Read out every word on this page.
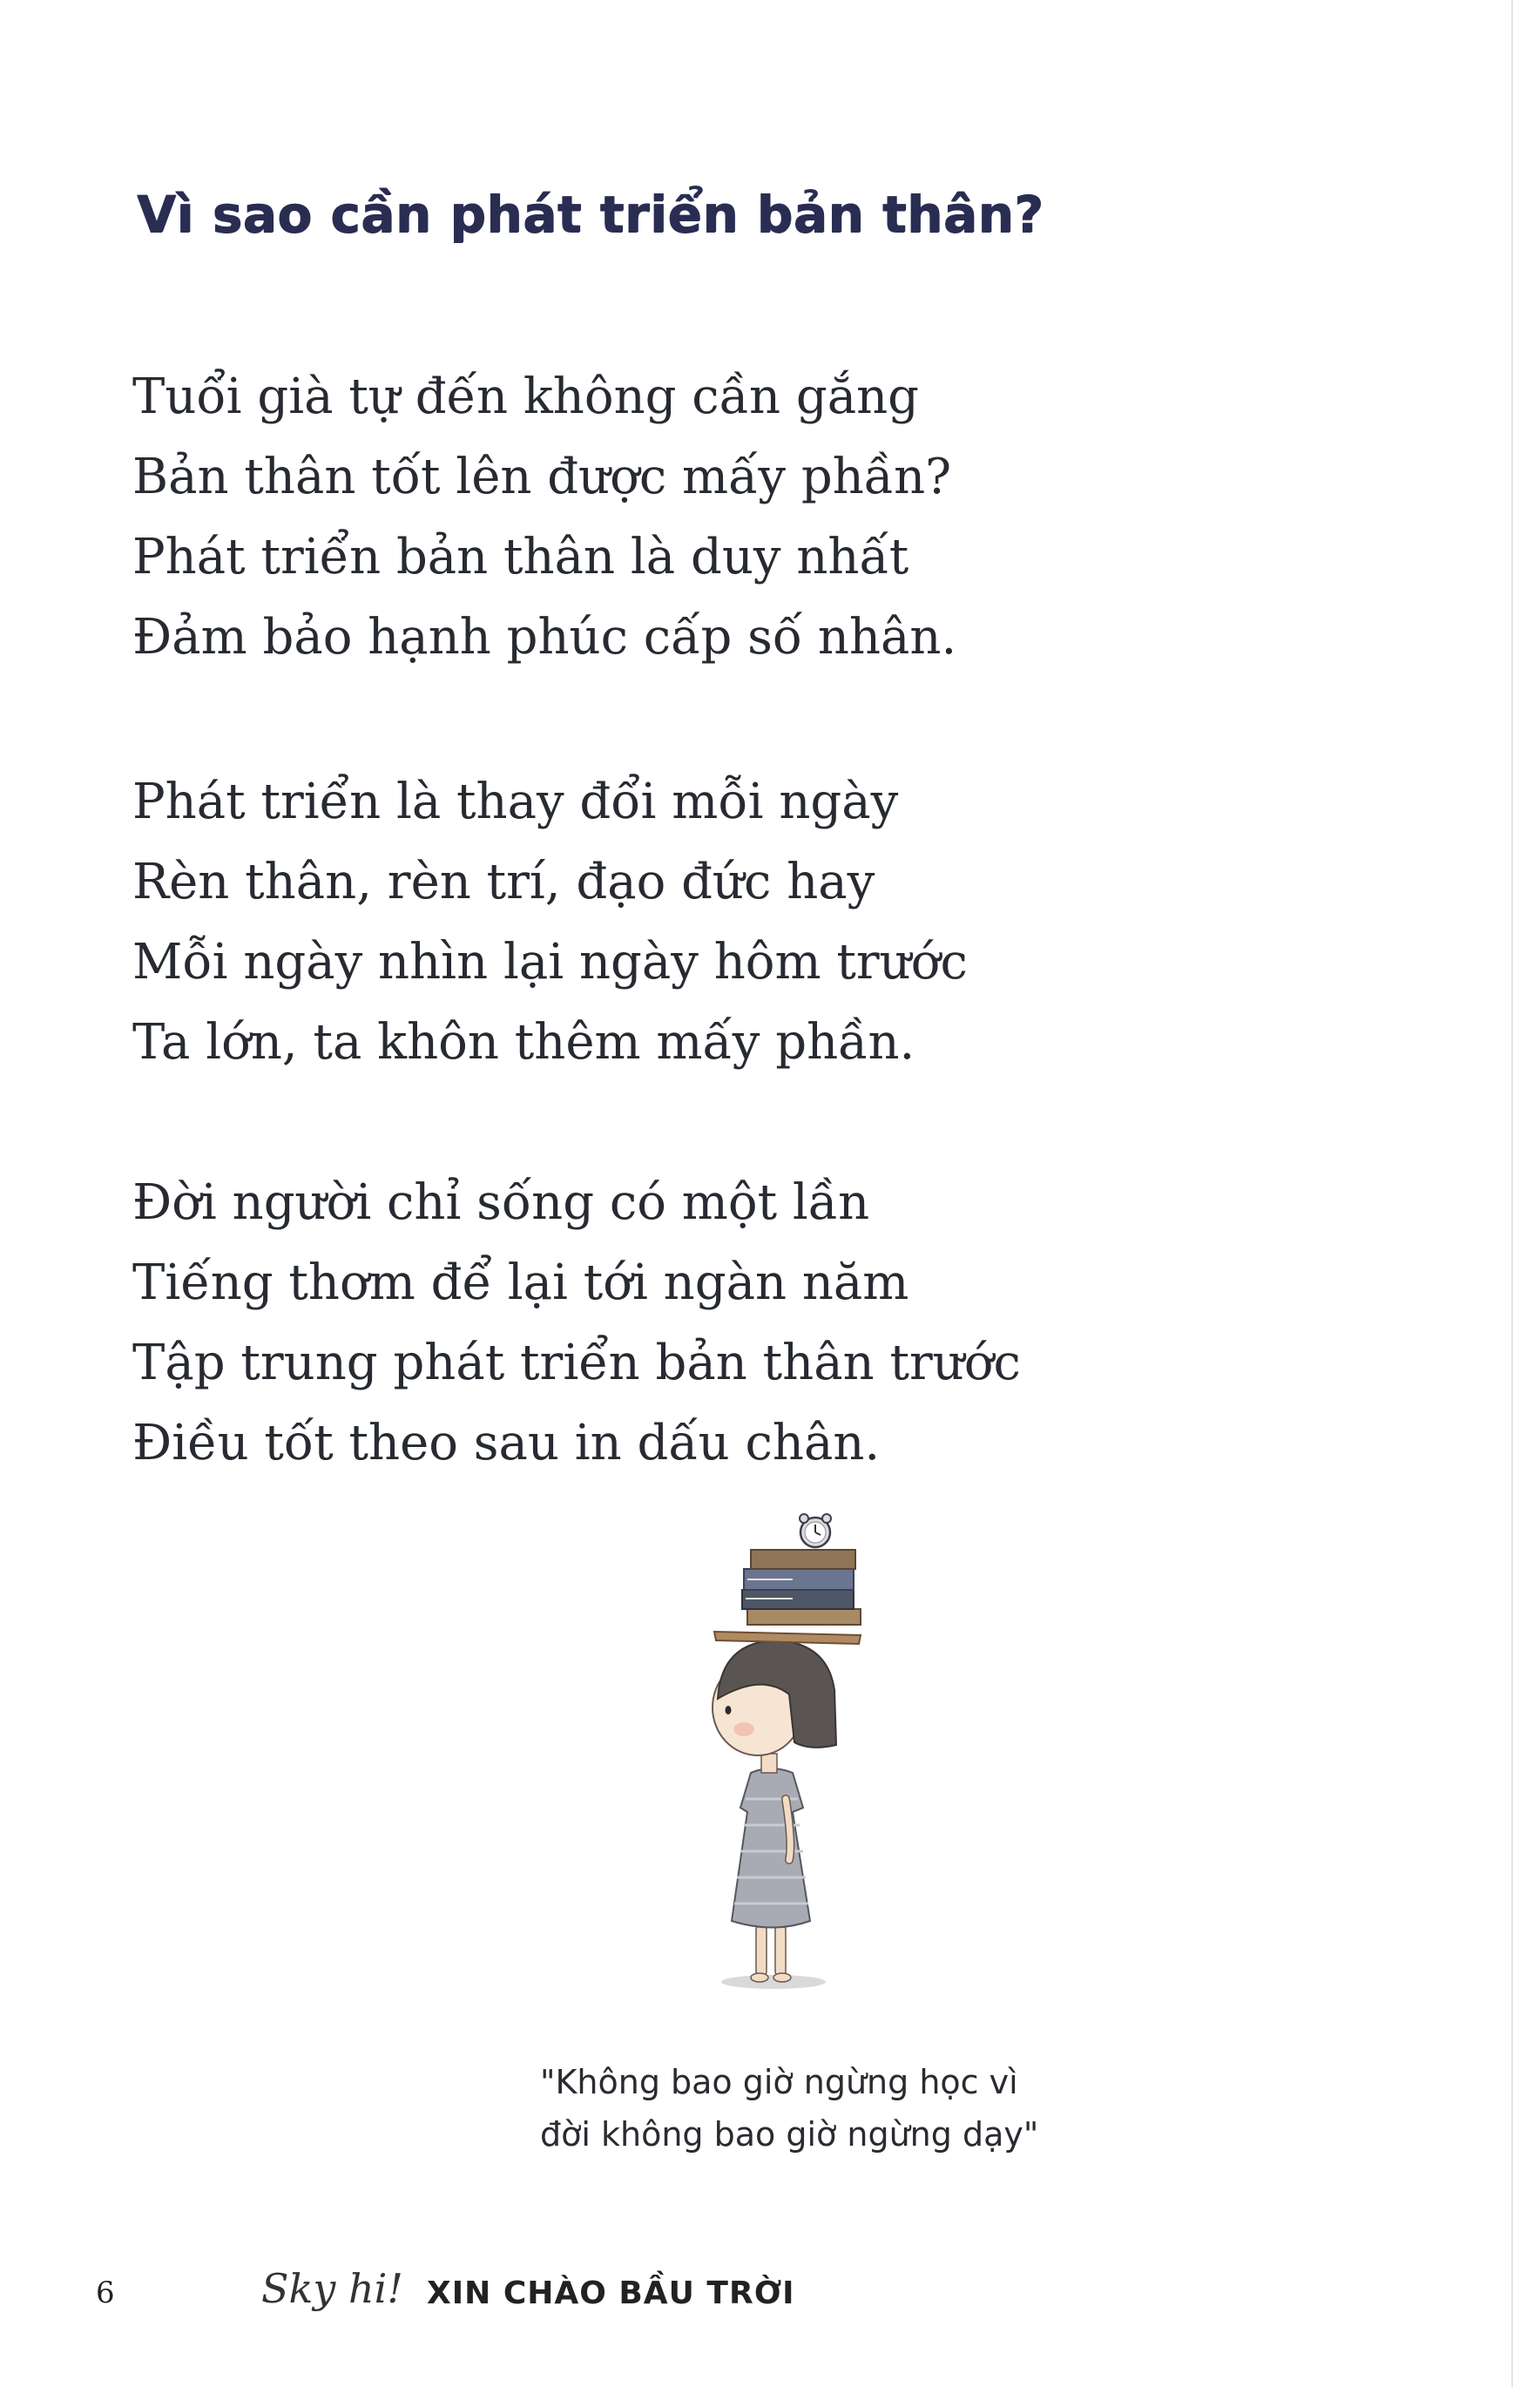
Vì sao cần phát triển bản thân?
Tuổi già tự đến không cần gắng
Bản thân tốt lên được mấy phần?
Phát triển bản thân là duy nhất
Đảm bảo hạnh phúc cấp số nhân.
Phát triển là thay đổi mỗi ngày
Rèn thân, rèn trí, đạo đức hay
Mỗi ngày nhìn lại ngày hôm trước
Ta lớn, ta khôn thêm mấy phần.
Đời người chỉ sống có một lần
Tiếng thơm để lại tới ngàn năm
Tập trung phát triển bản thân trước
Điều tốt theo sau in dấu chân.
"Không bao giờ ngừng học vì
đời không bao giờ ngừng dạy"
6	Sky hi! XIN CHÀO BẦU TRỜI
